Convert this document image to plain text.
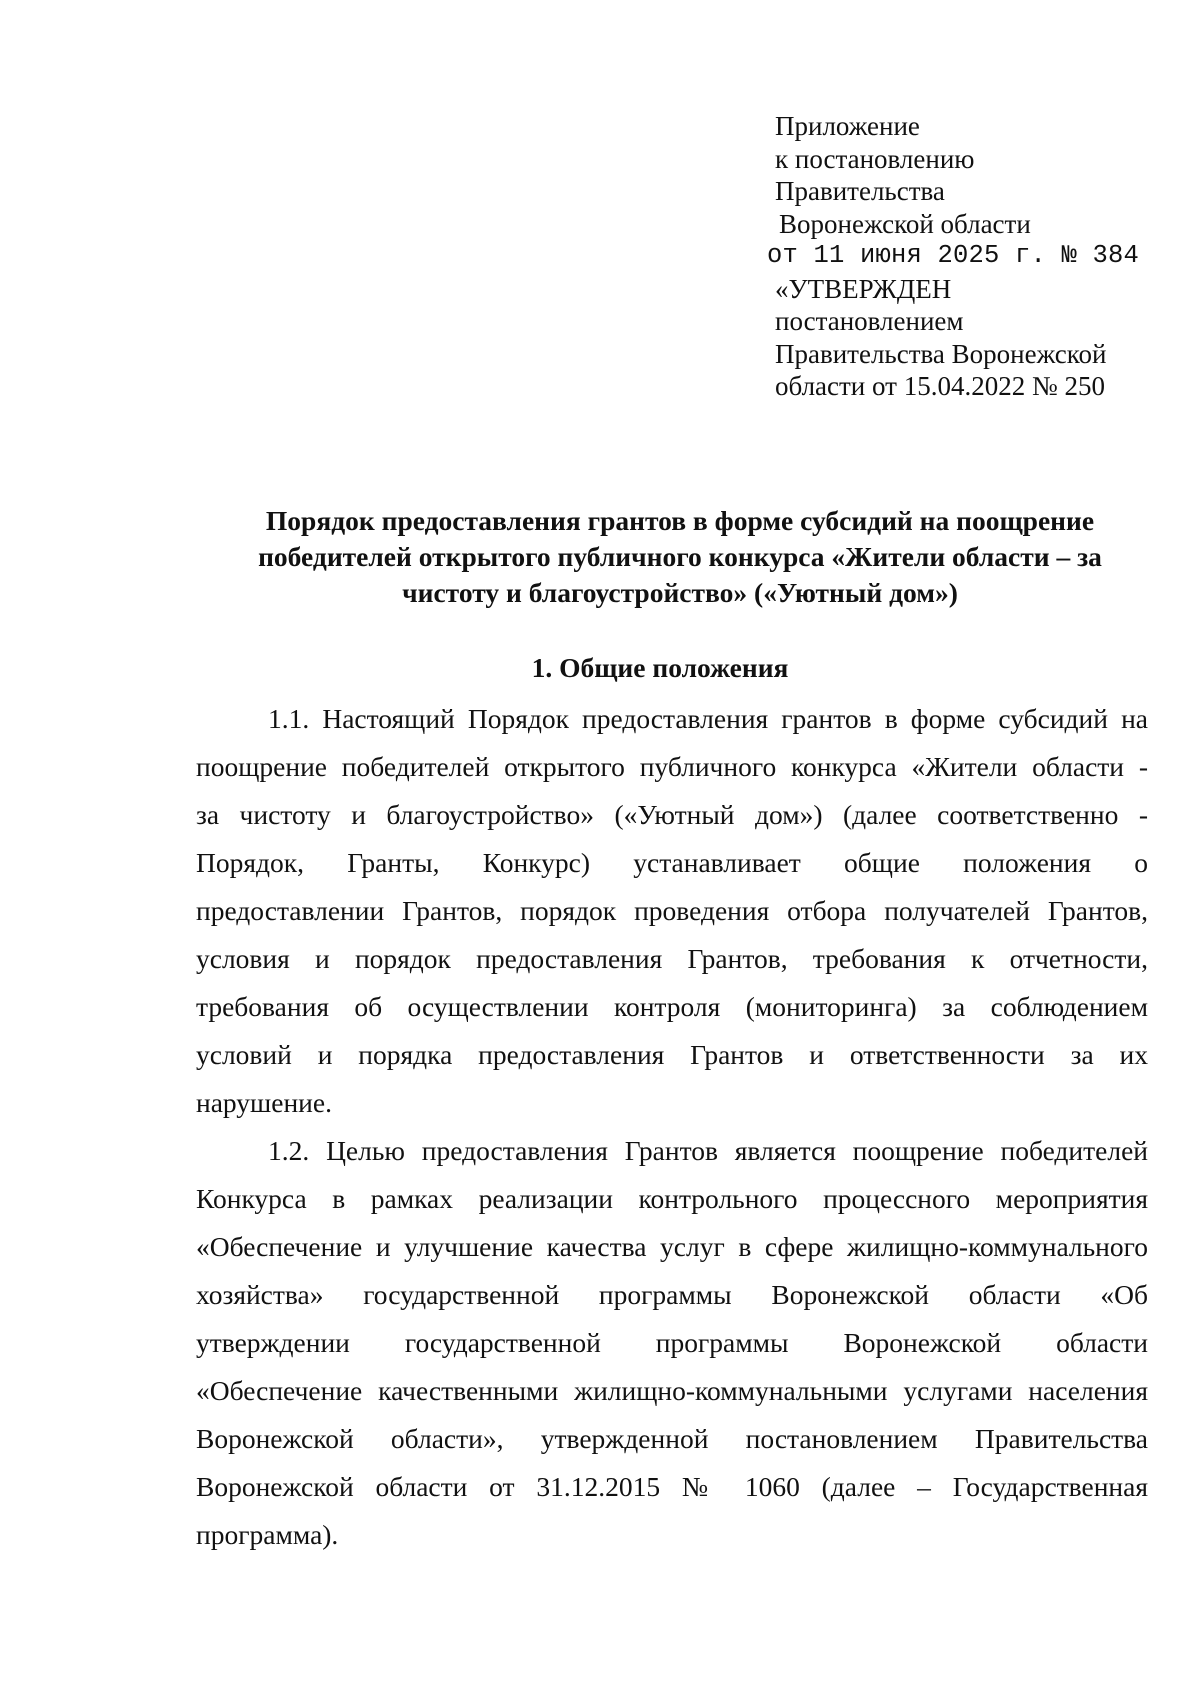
Приложение
к постановлению
Правительства
Воронежской области
от 11 июня 2025 г. № 384
«УТВЕРЖДЕН
постановлением
Правительства Воронежской
области от 15.04.2022 № 250
Порядок предоставления грантов в форме субсидий на поощрение
победителей открытого публичного конкурса «Жители области – за
чистоту и благоустройство» («Уютный дом»)
1. Общие положения
1.1. Настоящий Порядок предоставления грантов в форме субсидий на
поощрение победителей открытого публичного конкурса «Жители области -
за чистоту и благоустройство» («Уютный дом») (далее соответственно -
Порядок, Гранты, Конкурс) устанавливает общие положения о
предоставлении Грантов, порядок проведения отбора получателей Грантов,
условия и порядок предоставления Грантов, требования к отчетности,
требования об осуществлении контроля (мониторинга) за соблюдением
условий и порядка предоставления Грантов и ответственности за их
нарушение.
1.2. Целью предоставления Грантов является поощрение победителей
Конкурса в рамках реализации контрольного процессного мероприятия
«Обеспечение и улучшение качества услуг в сфере жилищно-коммунального
хозяйства» государственной программы Воронежской области «Об
утверждении государственной программы Воронежской области
«Обеспечение качественными жилищно-коммунальными услугами населения
Воронежской области», утвержденной постановлением Правительства
Воронежской области от 31.12.2015 № 1060 (далее – Государственная
программа).
